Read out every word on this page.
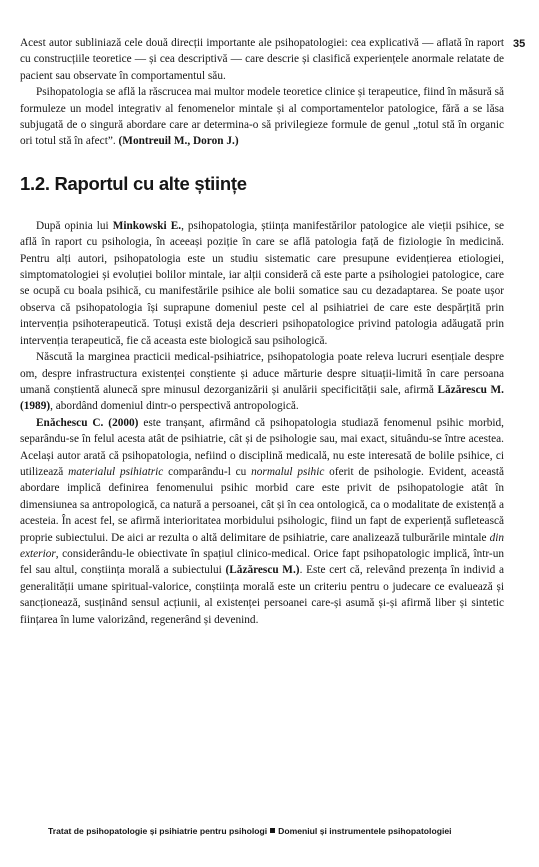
35

Acest autor subliniază cele două direcții importante ale psihopatologiei: cea explicativă — aflată în raport cu construcțiile teoretice — și cea descriptivă — care descrie și clasifică experiențele anormale relatate de pacient sau observate în comportamentul său.

Psihopatologia se află la răscrucea mai multor modele teoretice clinice și terapeutice, fiind în măsură să formuleze un model integrativ al fenomenelor mintale și al comportamentelor patologice, fără a se lăsa subjugată de o singură abordare care ar determina-o să privilegieze formule de genul „totul stă în organic ori totul stă în afect”. (Montreuil M., Doron J.)

1.2. Raportul cu alte științe

După opinia lui Minkowski E., psihopatologia, știința manifestărilor patologice ale vieții psihice, se află în raport cu psihologia, în aceeași poziție în care se află patologia față de fiziologie în medicină. Pentru alți autori, psihopatologia este un studiu sistematic care presupune evidențierea etiologiei, simptomatologiei și evoluției bolilor mintale, iar alții consideră că este parte a psihologiei patologice, care se ocupă cu boala psihică, cu manifestările psihice ale bolii somatice sau cu dezadaptarea. Se poate ușor observa că psihopatologia își suprapune domeniul peste cel al psihiatriei de care este despărțită prin intervenția psihoterapeutică. Totuși există deja descrieri psihopatologice privind patologia adăugată prin intervenția terapeutică, fie că aceasta este biologică sau psihologică.

Născută la marginea practicii medical-psihiatrice, psihopatologia poate releva lucruri esențiale despre om, despre infrastructura existenței conștiente și aduce mărturie despre situații-limită în care persoana umană conștientă alunecă spre minusul dezorganizării și anulării specificității sale, afirmă Lăzărescu M. (1989), abordând domeniul dintr-o perspectivă antropologică.

Enăchescu C. (2000) este tranșant, afirmând că psihopatologia studiază fenomenul psihic morbid, separându-se în felul acesta atât de psihiatrie, cât și de psihologie sau, mai exact, situându-se între acestea. Același autor arată că psihopatologia, nefiind o disciplină medicală, nu este interesată de bolile psihice, ci utilizează materialul psihiatric comparându-l cu normalul psihic oferit de psihologie. Evident, această abordare implică definirea fenomenului psihic morbid care este privit de psihopatologie atât în dimensiunea sa antropologică, ca natură a persoanei, cât și în cea ontologică, ca o modalitate de existență a acesteia. În acest fel, se afirmă interioritatea morbidului psihologic, fiind un fapt de experiență sufletească proprie subiectului. De aici ar rezulta o altă delimitare de psihiatrie, care analizează tulburările mintale din exterior, considerându-le obiectivate în spațiul clinico-medical. Orice fapt psihopatologic implică, într-un fel sau altul, conștiința morală a subiectului (Lăzărescu M.). Este cert că, relevând prezența în individ a generalității umane spiritual-valorice, conștiința morală este un criteriu pentru o judecare ce evaluează și sancționează, susținând sensul acțiunii, al existenței persoanei care-și asumă și-și afirmă liber și sintetic ființarea în lume valorizând, regenerând și devenind.

Tratat de psihopatologie și psihiatrie pentru psihologi Domeniul și instrumentele psihopatologiei
